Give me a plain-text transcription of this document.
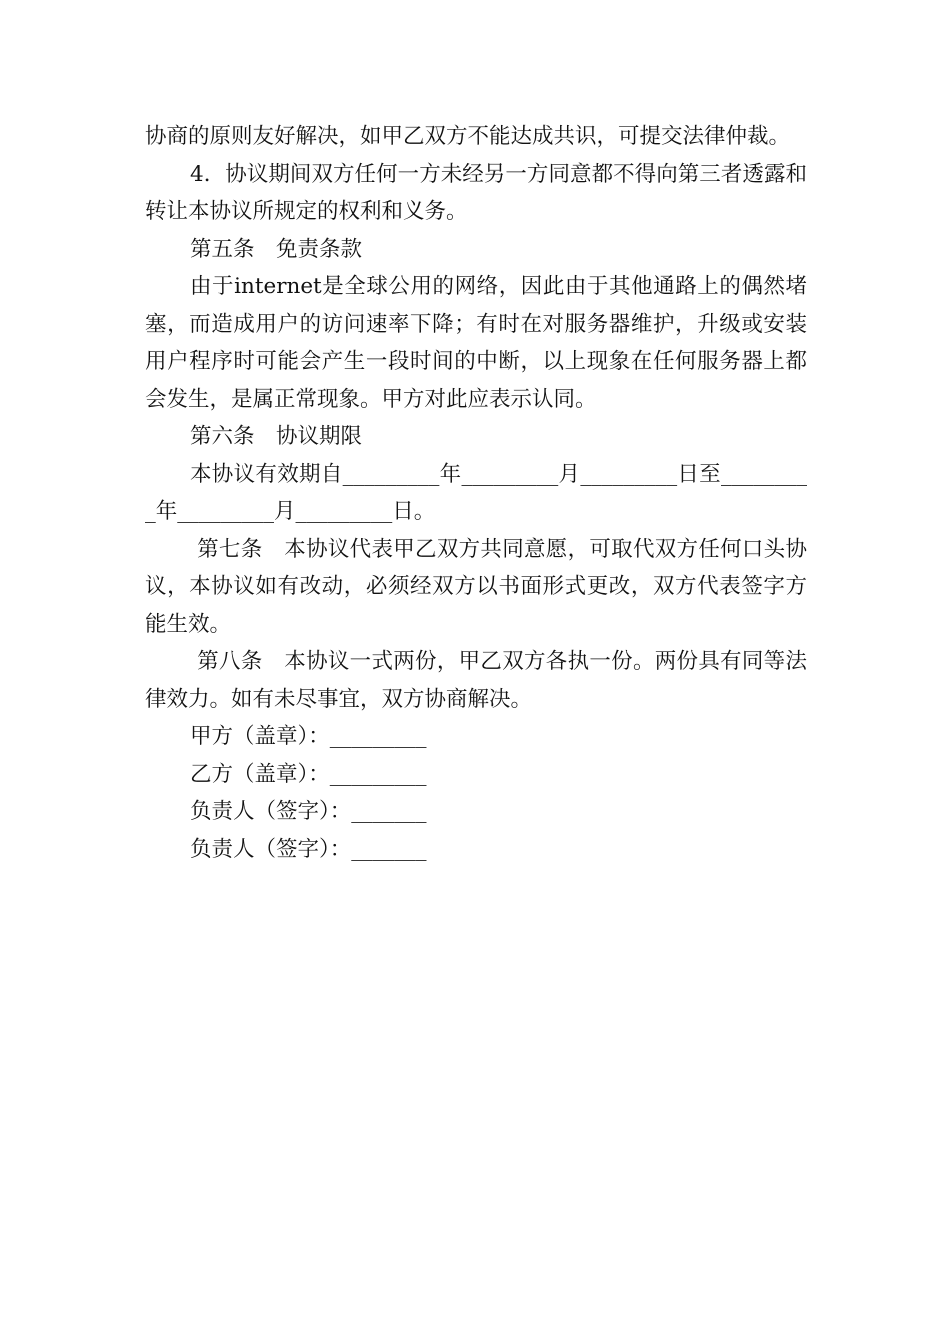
协商的原则友好解决，如甲乙双方不能达成共识，可提交法律仲裁。

4．协议期间双方任何一方未经另一方同意都不得向第三者透露和转让本协议所规定的权利和义务。

第五条　免责条款

由于internet是全球公用的网络，因此由于其他通路上的偶然堵塞，而造成用户的访问速率下降；有时在对服务器维护，升级或安装用户程序时可能会产生一段时间的中断，以上现象在任何服务器上都会发生，是属正常现象。甲方对此应表示认同。

第六条　协议期限

本协议有效期自_________年_________月_________日至_________年_________月_________日。

第七条　本协议代表甲乙双方共同意愿，可取代双方任何口头协议，本协议如有改动，必须经双方以书面形式更改，双方代表签字方能生效。

第八条　本协议一式两份，甲乙双方各执一份。两份具有同等法律效力。如有未尽事宜，双方协商解决。

甲方（盖章）：_________

乙方（盖章）：_________

负责人（签字）：_______

负责人（签字）：_______
